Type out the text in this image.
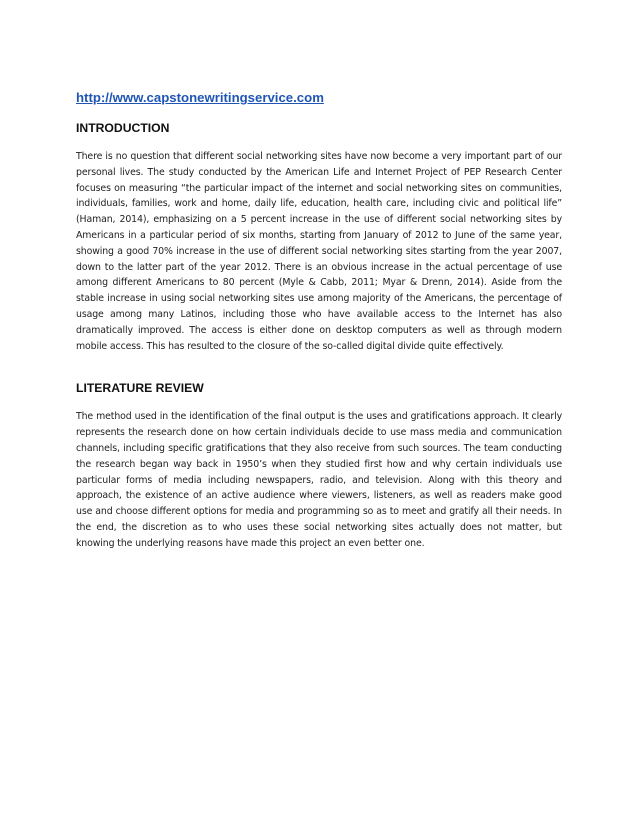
http://www.capstonewritingservice.com
INTRODUCTION

There is no question that different social networking sites have now become a very important part of our personal lives. The study conducted by the American Life and Internet Project of PEP Research Center focuses on measuring “the particular impact of the internet and social networking sites on communities, individuals, families, work and home, daily life, education, health care, including civic and political life” (Haman, 2014), emphasizing on a 5 percent increase in the use of different social networking sites by Americans in a particular period of six months, starting from January of 2012 to June of the same year, showing a good 70% increase in the use of different social networking sites starting from the year 2007, down to the latter part of the year 2012. There is an obvious increase in the actual percentage of use among different Americans to 80 percent (Myle & Cabb, 2011; Myar & Drenn, 2014). Aside from the stable increase in using social networking sites use among majority of the Americans, the percentage of usage among many Latinos, including those who have available access to the Internet has also dramatically improved. The access is either done on desktop computers as well as through modern mobile access. This has resulted to the closure of the so-called digital divide quite effectively.

LITERATURE REVIEW

The method used in the identification of the final output is the uses and gratifications approach. It clearly represents the research done on how certain individuals decide to use mass media and communication channels, including specific gratifications that they also receive from such sources. The team conducting the research began way back in 1950’s when they studied first how and why certain individuals use particular forms of media including newspapers, radio, and television. Along with this theory and approach, the existence of an active audience where viewers, listeners, as well as readers make good use and choose different options for media and programming so as to meet and gratify all their needs. In the end, the discretion as to who uses these social networking sites actually does not matter, but knowing the underlying reasons have made this project an even better one.
